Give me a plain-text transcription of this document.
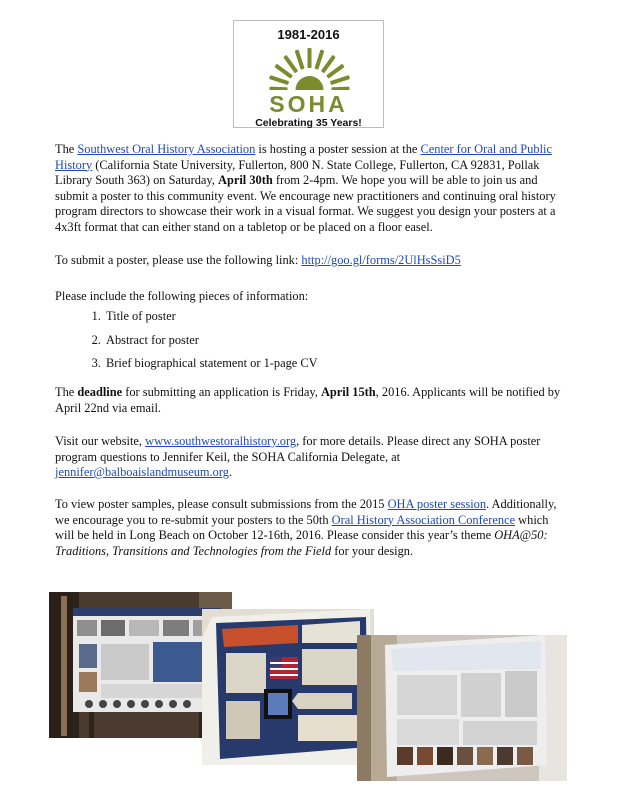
1981-2016
SOHA
Celebrating 35 Years!
The Southwest Oral History Association is hosting a poster session at the Center for Oral and Public History (California State University, Fullerton, 800 N. State College, Fullerton, CA 92831, Pollak Library South 363) on Saturday, April 30th from 2-4pm. We hope you will be able to join us and submit a poster to this community event. We encourage new practitioners and continuing oral history program directors to showcase their work in a visual format. We suggest you design your posters at a 4x3ft format that can either stand on a tabletop or be placed on a floor easel.
To submit a poster, please use the following link: http://goo.gl/forms/2UlHsSsiD5
Please include the following pieces of information:
1. Title of poster
2. Abstract for poster
3. Brief biographical statement or 1-page CV
The deadline for submitting an application is Friday, April 15th, 2016. Applicants will be notified by April 22nd via email.
Visit our website, www.southwestoralhistory.org, for more details. Please direct any SOHA poster program questions to Jennifer Keil, the SOHA California Delegate, at jennifer@balboaislandmuseum.org.
To view poster samples, please consult submissions from the 2015 OHA poster session. Additionally, we encourage you to re-submit your posters to the 50th Oral History Association Conference which will be held in Long Beach on October 12-16th, 2016. Please consider this year’s theme OHA@50: Traditions, Transitions and Technologies from the Field for your design.
